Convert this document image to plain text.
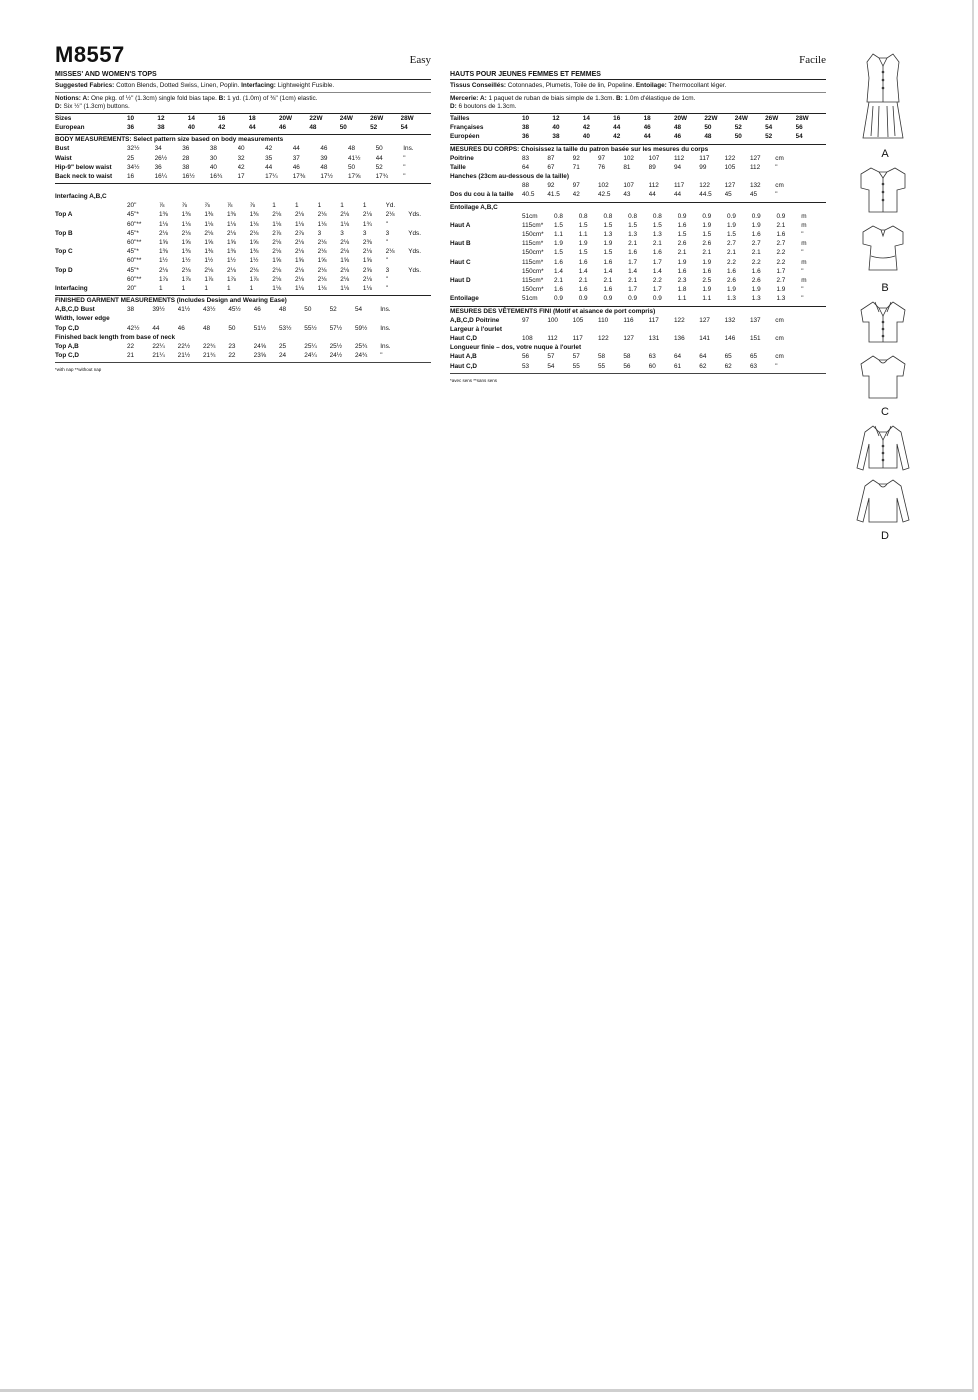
M8557	Easy
MISSES' AND WOMEN'S TOPS
Suggested Fabrics: Cotton Blends, Dotted Swiss, Linen, Poplin. Interfacing: Lightweight Fusible.
Notions: A: One pkg. of ½" (1.3cm) single fold bias tape. B: 1 yd. (1.0m) of ⅜" (1cm) elastic.
D: Six ½" (1.3cm) buttons.
Sizes	10	12	14	16	18	20W	22W	24W	26W	28W
European	36	38	40	42	44	46	48	50	52	54
BODY MEASUREMENTS: Select pattern size based on body measurements
Bust	32½	34	36	38	40	42	44	46	48	50	Ins.
Waist	25	26½	28	30	32	35	37	39	41½	44	"
Hip-9" below waist	34½	36	38	40	42	44	46	48	50	52	"
Back neck to waist	16	16¼	16½	16¾	17	17¼	17⅜	17½	17⅝	17¾	"
Interfacing A,B,C
	20"	⅞	⅞	⅞	⅞	⅞	1	1	1	1	1	Yd.	
Top A	45"*	1⅜	1⅜	1⅜	1⅜	1⅜	2⅛	2⅛	2⅛	2⅛	2⅛	2⅛	Yds.
	60"**	1⅛	1⅛	1⅛	1⅛	1⅛	1⅛	1⅛	1⅛	1⅛	1¾	"	
Top B	45"*	2⅛	2⅛	2⅛	2⅛	2⅛	2⅞	2⅞	3	3	3	3	Yds.
	60"**	1⅝	1⅝	1⅝	1⅝	1⅝	2⅛	2⅛	2⅛	2⅛	2⅜	"	
Top C	45"*	1⅜	1⅜	1⅜	1⅜	1⅜	2⅛	2⅛	2⅛	2⅛	2⅛	2⅛	Yds.
	60"**	1½	1½	1½	1½	1½	1⅝	1⅝	1⅝	1⅝	1⅝	"	
Top D	45"*	2⅛	2⅛	2⅛	2⅛	2⅛	2⅛	2⅛	2⅛	2⅛	2⅝	3	Yds.
	60"**	1⅞	1⅞	1⅞	1⅞	1⅞	2⅛	2⅛	2⅛	2⅛	2⅛	"	
Interfacing	20"	1	1	1	1	1	1⅛	1⅛	1⅛	1⅛	1⅛	"	
FINISHED GARMENT MEASUREMENTS (Includes Design and Wearing Ease)
A,B,C,D Bust	38	39½	41½	43½	45½	46	48	50	52	54	Ins.
Width, lower edge											
Top C,D	42½	44	46	48	50	51½	53½	55½	57½	59½	Ins.
Finished back length from base of neck											
Top A,B	22	22¼	22½	22¾	23	24⅝	25	25¼	25½	25¾	Ins.
Top C,D	21	21¼	21½	21¾	22	23⅝	24	24¼	24½	24¾	"
*with nap **without nap
Facile
HAUTS POUR JEUNES FEMMES ET FEMMES
Tissus Conseillés: Cotonnades, Plumetis, Toile de lin, Popeline. Entoilage: Thermocollant léger.
Mercerie: A: 1 paquet de ruban de biais simple de 1.3cm. B: 1.0m d'élastique de 1cm.
D: 6 boutons de 1.3cm.
Tailles	10	12	14	16	18	20W	22W	24W	26W	28W
Françaises	38	40	42	44	46	48	50	52	54	56
Européen	36	38	40	42	44	46	48	50	52	54
MESURES DU CORPS: Choisissez la taille du patron basée sur les mesures du corps
Poitrine	83	87	92	97	102	107	112	117	122	127	cm
Taille	64	67	71	76	81	89	94	99	105	112	"
Hanches (23cm au-dessous de la taille)											
	88	92	97	102	107	112	117	122	127	132	cm
Dos du cou à la taille	40.5	41.5	42	42.5	43	44	44	44.5	45	45	"
Entoilage A,B,C
	51cm	0.8	0.8	0.8	0.8	0.8	0.9	0.9	0.9	0.9	0.9	m
Haut A	115cm*	1.5	1.5	1.5	1.5	1.5	1.6	1.9	1.9	1.9	2.1	m
	150cm*	1.1	1.1	1.3	1.3	1.3	1.5	1.5	1.5	1.6	1.6	"
Haut B	115cm*	1.9	1.9	1.9	2.1	2.1	2.6	2.6	2.7	2.7	2.7	m
	150cm*	1.5	1.5	1.5	1.6	1.6	2.1	2.1	2.1	2.1	2.2	"
Haut C	115cm*	1.6	1.6	1.6	1.7	1.7	1.9	1.9	2.2	2.2	2.2	m
	150cm*	1.4	1.4	1.4	1.4	1.4	1.6	1.6	1.6	1.6	1.7	"
Haut D	115cm*	2.1	2.1	2.1	2.1	2.2	2.3	2.5	2.6	2.6	2.7	m
	150cm*	1.6	1.6	1.6	1.7	1.7	1.8	1.9	1.9	1.9	1.9	"
Entoilage	51cm	0.9	0.9	0.9	0.9	0.9	1.1	1.1	1.3	1.3	1.3	"
MESURES DES VÊTEMENTS FINI (Motif et aisance de port compris)
A,B,C,D Poitrine	97	100	105	110	116	117	122	127	132	137	cm
Largeur à l'ourlet											
Haut C,D	108	112	117	122	127	131	136	141	146	151	cm
Longueur finie – dos, votre nuque à l'ourlet											
Haut A,B	56	57	57	58	58	63	64	64	65	65	cm
Haut C,D	53	54	55	55	56	60	61	62	62	63	"
*avec sens **sans sens
A
B
C
D
